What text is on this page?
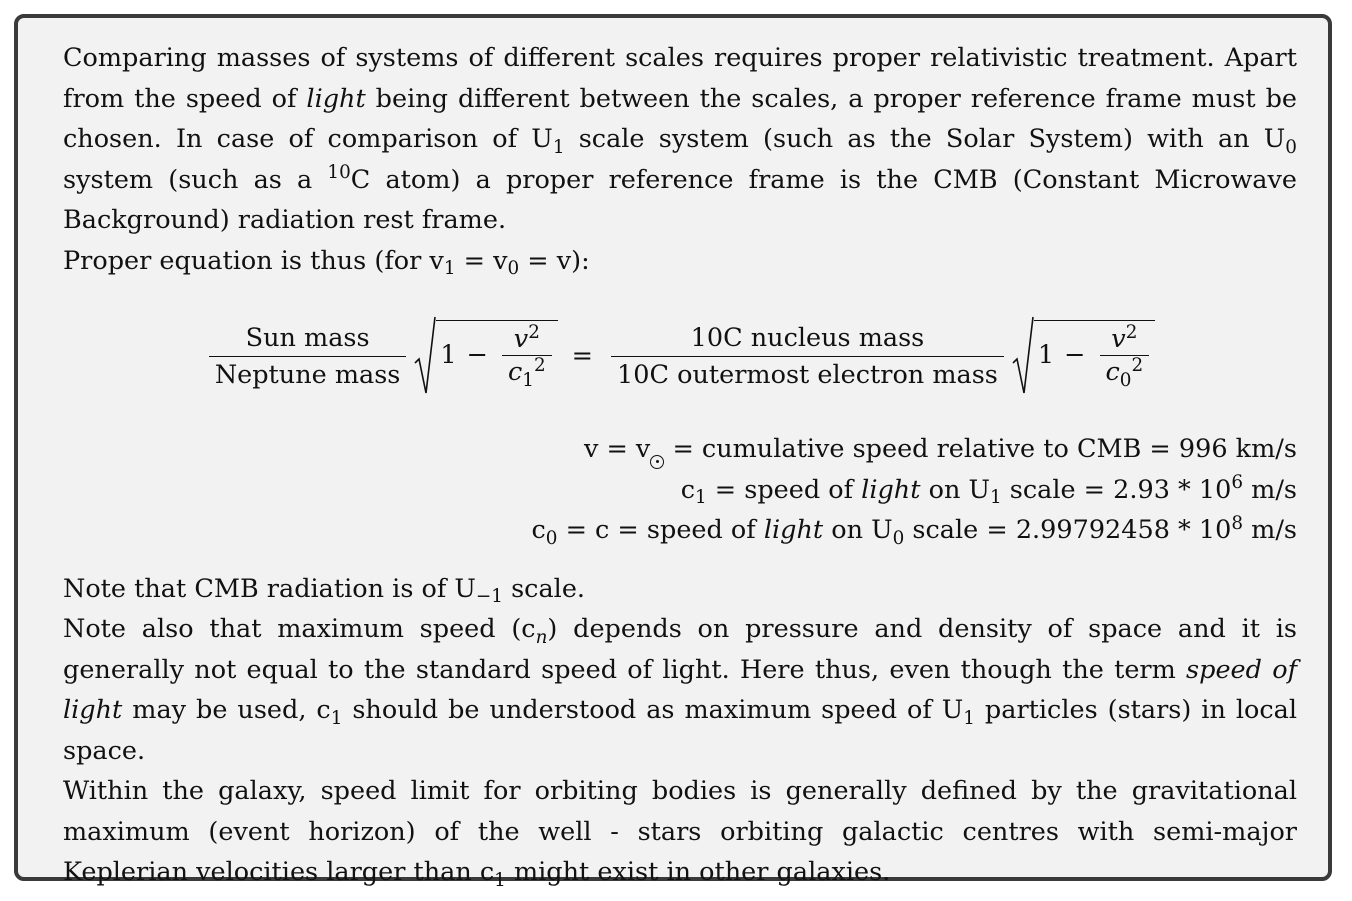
Comparing masses of systems of different scales requires proper relativistic treatment. Apart from the speed of light being different between the scales, a proper reference frame must be chosen. In case of comparison of $U_1$ scale system (such as the Solar System) with an $U_0$ system (such as a $^{10}$C atom) a proper reference frame is the CMB (Constant Microwave Background) radiation rest frame.

Proper equation is thus (for $v_1 = v_0 = v$):

$\frac{\text{Sun mass}}{\text{Neptune mass}} 1 - \frac{v^2}{c_1^2} = \frac{\text{10C nucleus mass}}{\text{10C outermost electron mass}} 1 - \frac{v^2}{c_0^2}$
v = v = cumulative speed relative to CMB = 996 km/s
$c_1$ = speed of light on $U_1$ scale = $2.93 * 10^6$ m/s
$c_0 = c$ = speed of light on $U_0$ scale = $2.99792458 * 10^8$ m/s

Note that CMB radiation is of $U_{-1}$ scale.

Note also that maximum speed $(c_n)$ depends on pressure and density of space and it is generally not equal to the standard speed of light. Here thus, even though the term speed of light may be used, $c_1$ should be understood as maximum speed of $U_1$ particles (stars) in local space.

Within the galaxy, speed limit for orbiting bodies is generally defined by the gravitational maximum (event horizon) of the well - stars orbiting galactic centres with semi-major Keplerian velocities larger than $c_1$ might exist in other galaxies.
